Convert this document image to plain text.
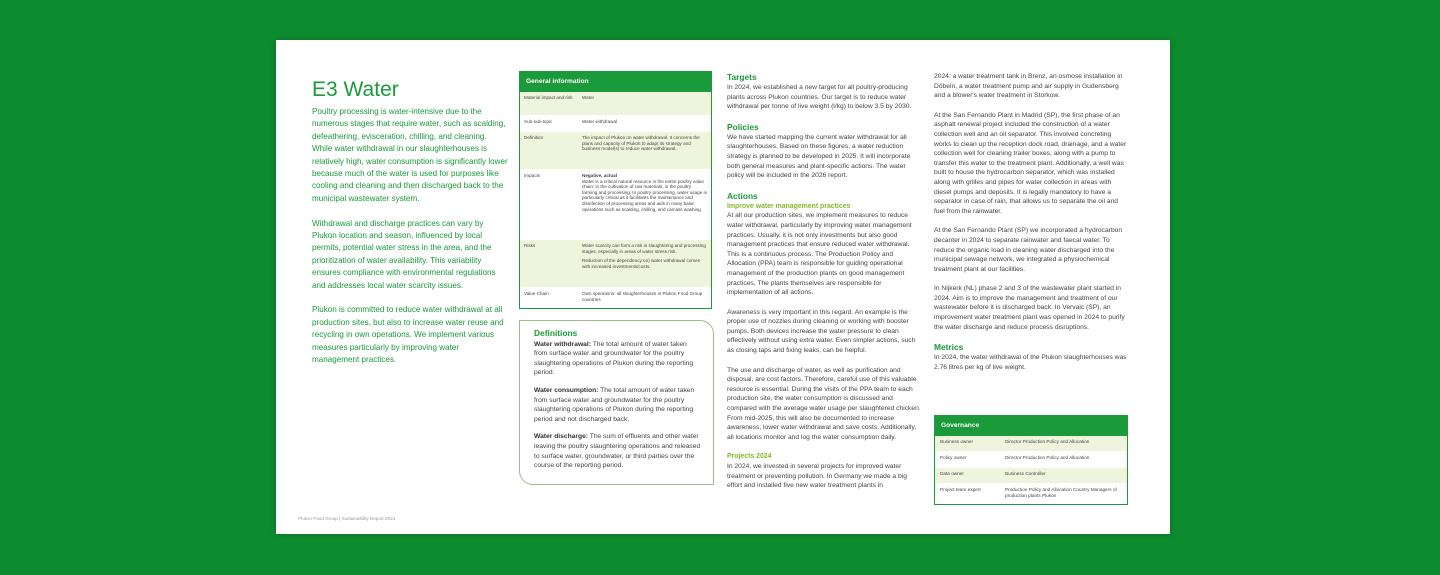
E3 Water

Poultry processing is water-intensive due to the numerous stages that require water, such as scalding, defeathering, evisceration, chilling, and cleaning. While water withdrawal in our slaughterhouses is relatively high, water consumption is significantly lower because much of the water is used for purposes like cooling and cleaning and then discharged back to the municipal wastewater system.

Withdrawal and discharge practices can vary by Plukon location and season, influenced by local permits, potential water stress in the area, and the prioritization of water availability. This variability ensures compliance with environmental regulations and addresses local water scarcity issues.

Plukon is committed to reduce water withdrawal at all production sites, but also to increase water reuse and recycling in own operations. We implement various measures particularly by improving water management practices.

Plukon Food Group | Sustainability Report 2024
General information
Material impact and risk	Water
Sub-sub-topic	Water withdrawal
Definition	The impact of Plukon on water withdrawal. It concerns the plans and capacity of Plukon to adapt its strategy and business model(s) to reduce water withdrawal.
Impacts	Negative, actual
Water is a critical natural resource in the entire poultry value chain: in the cultivation of raw materials, in the poultry farming and processing. In poultry processing, water usage is particularly critical as it facilitates the maintenance and disinfection of processing areas and aids in many basic operations such as scalding, chilling, and carcass washing.
Risks	Water scarcity can form a risk in slaughtering and processing stages, especially in areas of water stress risk.

Reduction of the dependency on) water withdrawal comes with increased investments/costs.

Value Chain	Own operations: all slaughterhouses in Plukon Food Group countries
Definitions

Water withdrawal: The total amount of water taken from surface water and groundwater for the poultry slaughtering operations of Plukon during the reporting period.

Water consumption: The total amount of water taken from surface water and groundwater for the poultry slaughtering operations of Plukon during the reporting period and not discharged back.

Water discharge: The sum of effluents and other water leaving the poultry slaughtering operations and released to surface water, groundwater, or third parties over the course of the reporting period.

Targets

In 2024, we established a new target for all poultry-producing plants across Plukon countries. Our target is to reduce water withdrawal per tonne of live weight (l/kg) to below 3.5 by 2030.

Policies

We have started mapping the current water withdrawal for all slaughterhouses. Based on these figures, a water reduction strategy is planned to be developed in 2025. It will incorporate both general measures and plant-specific actions. The water policy will be included in the 2026 report.

Actions
Improve water management practices

At all our production sites, we implement measures to reduce water withdrawal, particularly by improving water management practices. Usually, it is not only investments but also good management practices that ensure reduced water withdrawal. This is a continuous process. The Production Policy and Allocation (PPA) team is responsible for guiding operational management of the production plants on good management practices. The plants themselves are responsible for implementation of all actions.

Awareness is very important in this regard. An example is the proper use of nozzles during cleaning or working with booster pumps. Both devices increase the water pressure to clean effectively without using extra water. Even simpler actions, such as closing taps and fixing leaks, can be helpful.

The use and discharge of water, as well as purification and disposal, are cost factors. Therefore, careful use of this valuable resource is essential. During the visits of the PPA team to each production site, the water consumption is discussed and compared with the average water usage per slaughtered chicken. From mid-2025, this will also be documented to increase awareness, lower water withdrawal and save costs. Additionally, all locations monitor and log the water consumption daily.

Projects 2024

In 2024, we invested in several projects for improved water treatment or preventing pollution. In Germany we made a big effort and installed five new water treatment plants in

2024: a water treatment tank in Brenz, an osmose installation in Döbeln, a water treatment pump and air supply in Gudensberg and a blower's water treatment in Storkow.

At the San Fernando Plant in Madrid (SP), the first phase of an asphalt renewal project included the construction of a water collection well and an oil separator. This involved concreting works to clean up the reception dock road, drainage, and a water collection well for cleaning trailer boxes, along with a pump to transfer this water to the treatment plant. Additionally, a well was built to house the hydrocarbon separator, which was installed along with grilles and pipes for water collection in areas with diesel pumps and deposits. It is legally mandatory to have a separator in case of rain, that allows us to separate the oil and fuel from the rainwater.

At the San Fernando Plant (SP) we incorporated a hydrocarbon decanter in 2024 to separate rainwater and faecal water. To reduce the organic load in cleaning water discharged into the municipal sewage network, we integrated a physiochemical treatment plant at our facilities.

In Nijkerk (NL) phase 2 and 3 of the wastewater plant started in 2024. Aim is to improve the management and treatment of our wastewater before it is discharged back. In Vervaic (SP), an improvement water treatment plant was opened in 2024 to purify the water discharge and reduce process disruptions.

Metrics

In 2024, the water withdrawal of the Plukon slaughterhouses was 2.76 litres per kg of live weight.

Governance
Business owner	Director Production Policy and Allocation
Policy owner	Director Production Policy and Allocation
Data owner	Business Controller
Project team expert	Production Policy and Allocation Country Managers of production plants Plukon
